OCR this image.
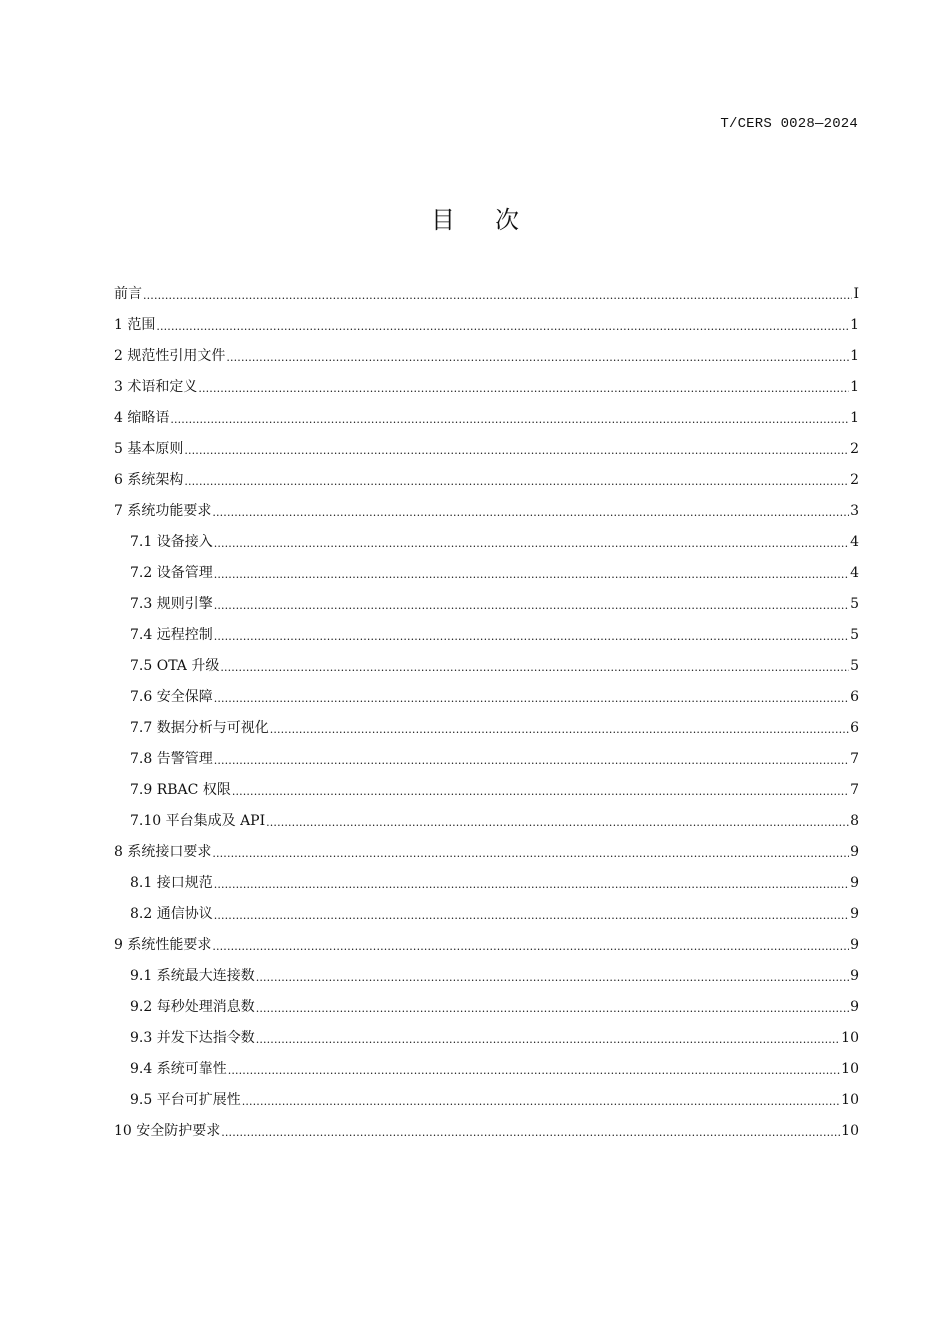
T/CERS 0028—2024
目次
前言 .....	I
1 范围 .....	1
2 规范性引用文件 .....	1
3 术语和定义 .....	1
4 缩略语 .....	1
5 基本原则 .....	2
6 系统架构 .....	2
7 系统功能要求 .....	3
7.1 设备接入 .....	4
7.2 设备管理 .....	4
7.3 规则引擎 .....	5
7.4 远程控制 .....	5
7.5 OTA 升级 .....	5
7.6 安全保障 .....	6
7.7 数据分析与可视化 .....	6
7.8 告警管理 .....	7
7.9 RBAC 权限 .....	7
7.10 平台集成及 API .....	8
8 系统接口要求 .....	9
8.1 接口规范 .....	9
8.2 通信协议 .....	9
9 系统性能要求 .....	9
9.1 系统最大连接数 .....	9
9.2 每秒处理消息数 .....	9
9.3 并发下达指令数 .....	10
9.4 系统可靠性 .....	10
9.5 平台可扩展性 .....	10
10 安全防护要求 .....	10
